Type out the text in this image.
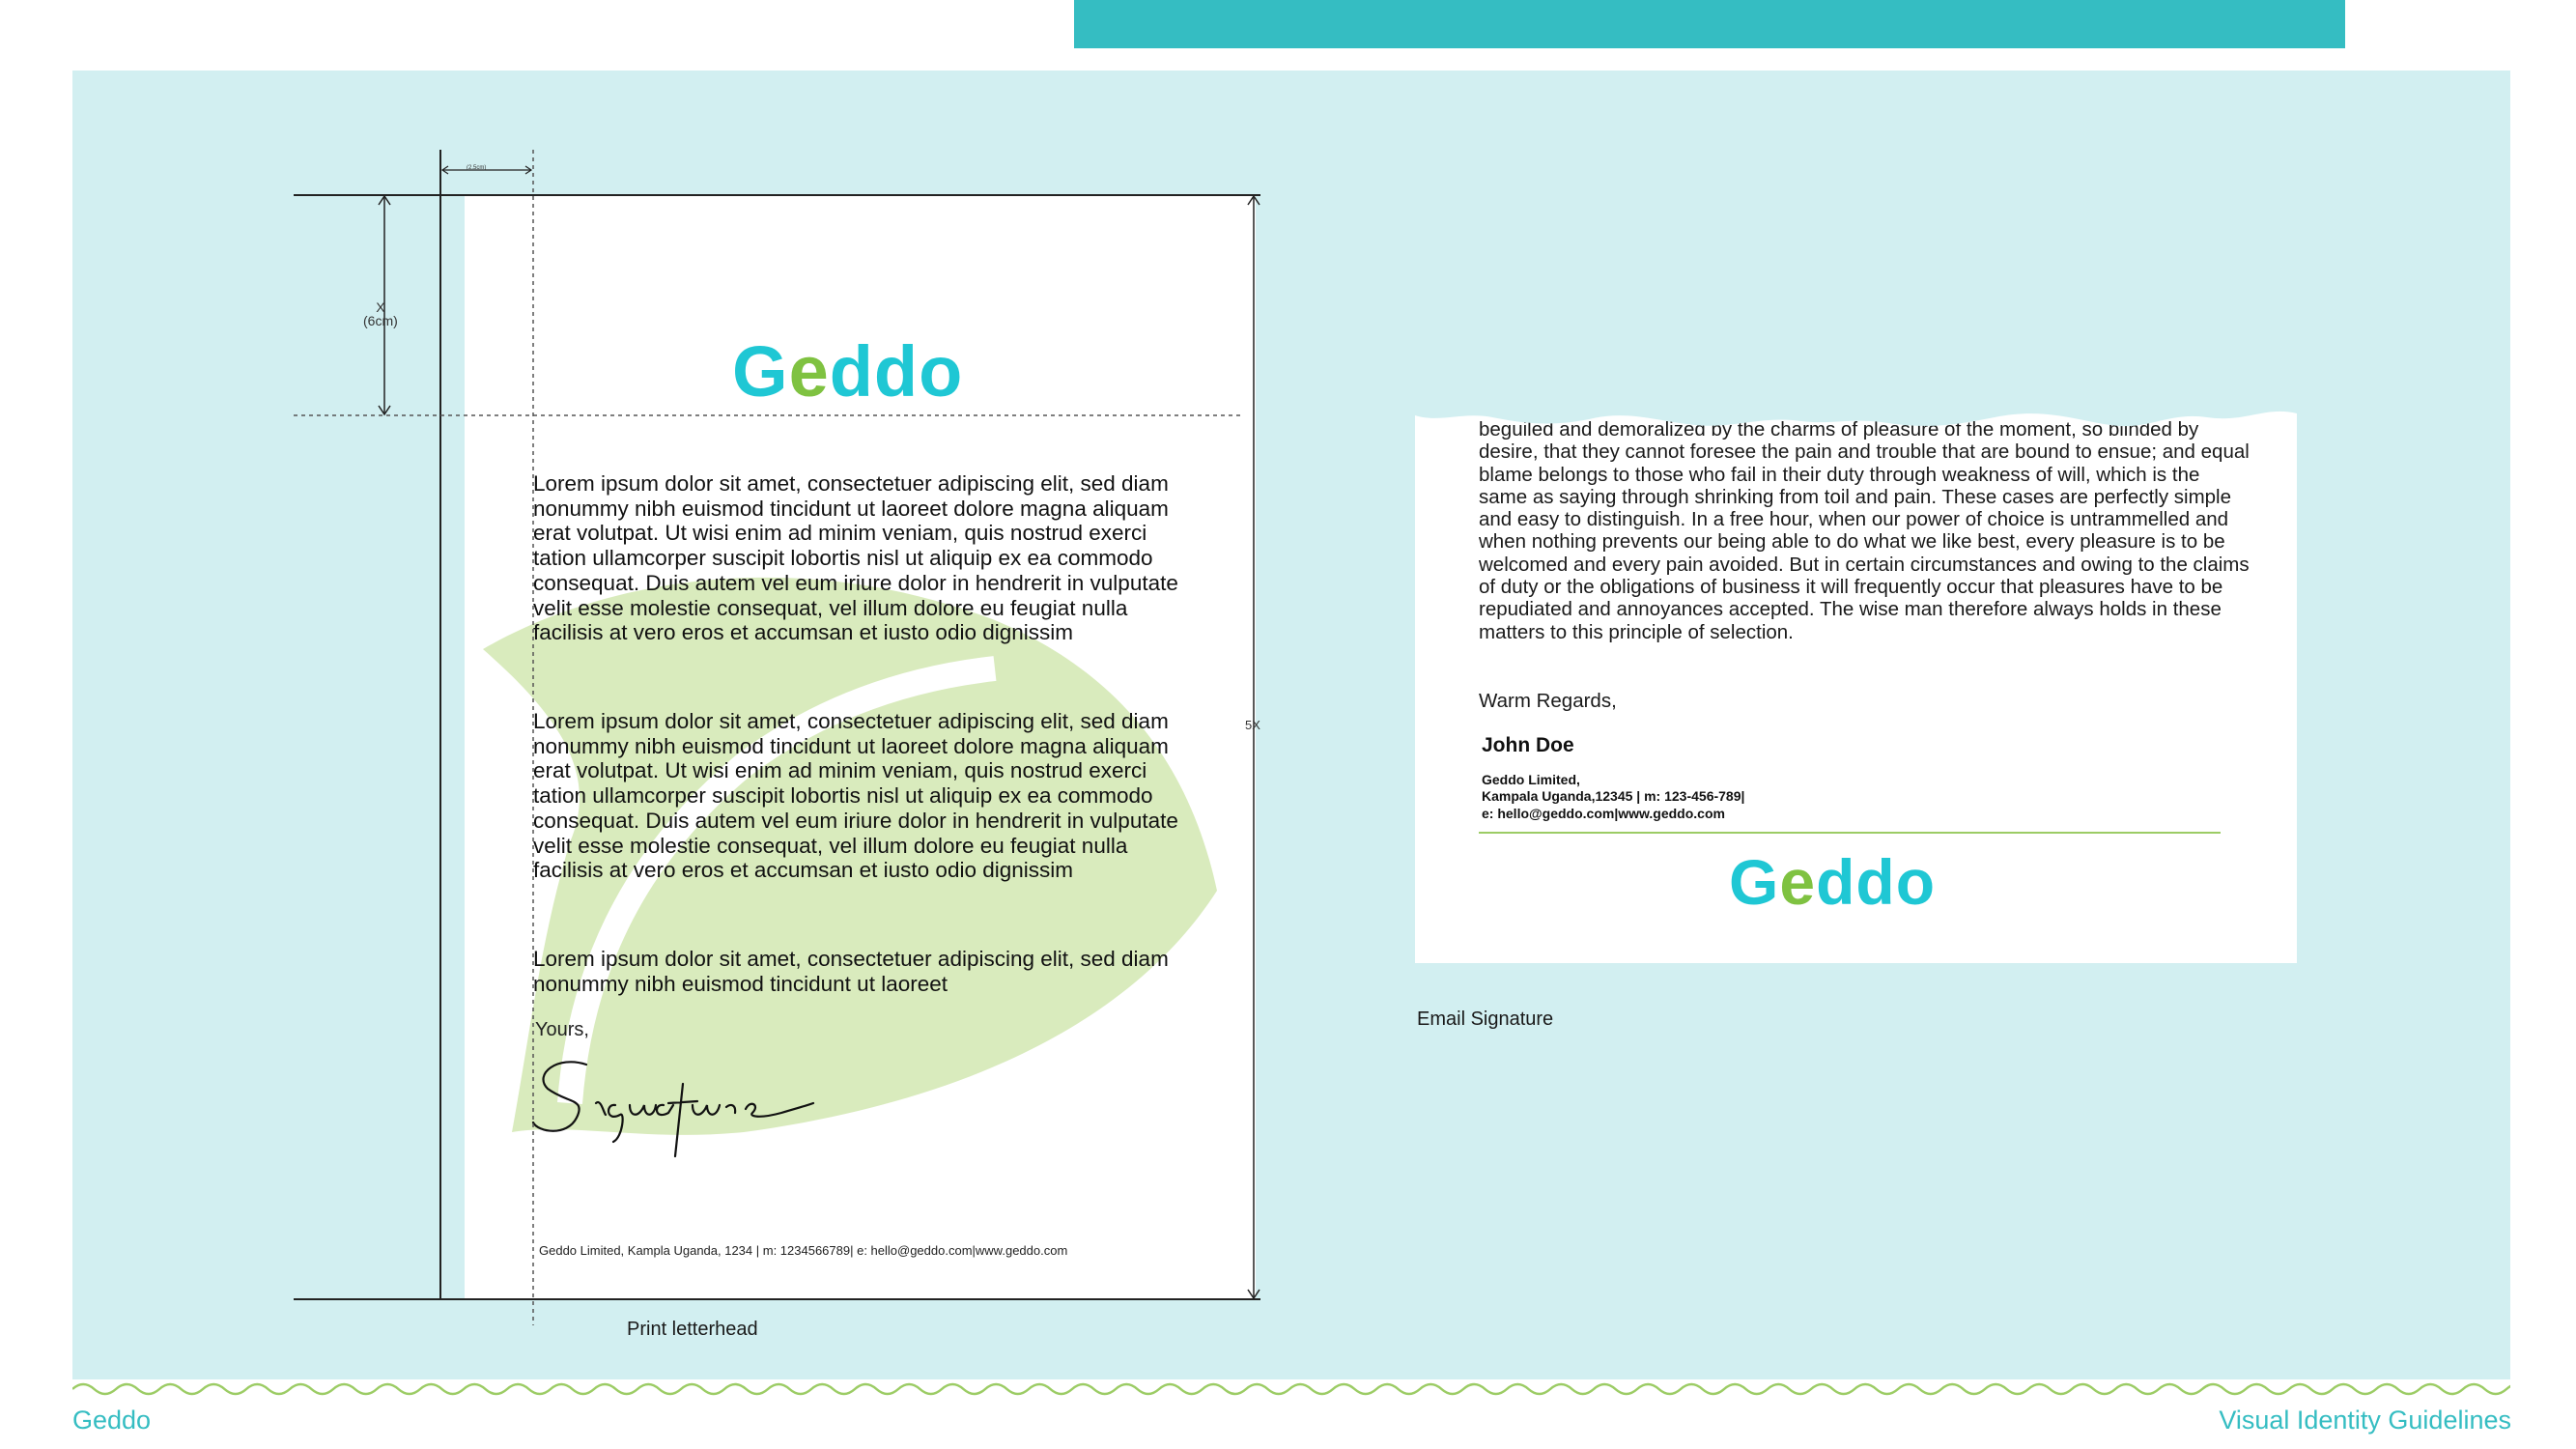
Geddo
Lorem ipsum dolor sit amet, consectetuer adipiscing elit, sed diam nonummy nibh euismod tincidunt ut laoreet dolore magna aliquam erat volutpat. Ut wisi enim ad minim veniam, quis nostrud exerci tation ullamcorper suscipit lobortis nisl ut aliquip ex ea commodo consequat. Duis autem vel eum iriure dolor in hendrerit in vulputate velit esse molestie consequat, vel illum dolore eu feugiat nulla facilisis at vero eros et accumsan et iusto odio dignissim
Lorem ipsum dolor sit amet, consectetuer adipiscing elit, sed diam nonummy nibh euismod tincidunt ut laoreet dolore magna aliquam erat volutpat. Ut wisi enim ad minim veniam, quis nostrud exerci tation ullamcorper suscipit lobortis nisl ut aliquip ex ea commodo consequat. Duis autem vel eum iriure dolor in hendrerit in vulputate velit esse molestie consequat, vel illum dolore eu feugiat nulla facilisis at vero eros et accumsan et iusto odio dignissim
Lorem ipsum dolor sit amet, consectetuer adipiscing elit, sed diam nonummy nibh euismod tincidunt ut laoreet
Yours,
Geddo Limited, Kampla Uganda, 1234 | m: 1234566789| e: hello@geddo.com|www.geddo.com
X
(6cm)
5X
(2.5cm)
Print letterhead
beguiled and demoralized by the charms of pleasure of the moment, so blinded by desire, that they cannot foresee the pain and trouble that are bound to ensue; and equal blame belongs to those who fail in their duty through weakness of will, which is the same as saying through shrinking from toil and pain. These cases are perfectly simple and easy to distinguish. In a free hour, when our power of choice is untrammelled and when nothing prevents our being able to do what we like best, every pleasure is to be welcomed and every pain avoided. But in certain circumstances and owing to the claims of duty or the obligations of business it will frequently occur that pleasures have to be repudiated and annoyances accepted. The wise man therefore always holds in these matters to this principle of selection.
Warm Regards,
John Doe
Geddo Limited,
Kampala Uganda,12345 | m: 123-456-789|
e: hello@geddo.com|www.geddo.com
Geddo
Email Signature
Geddo	Visual Identity Guidelines
